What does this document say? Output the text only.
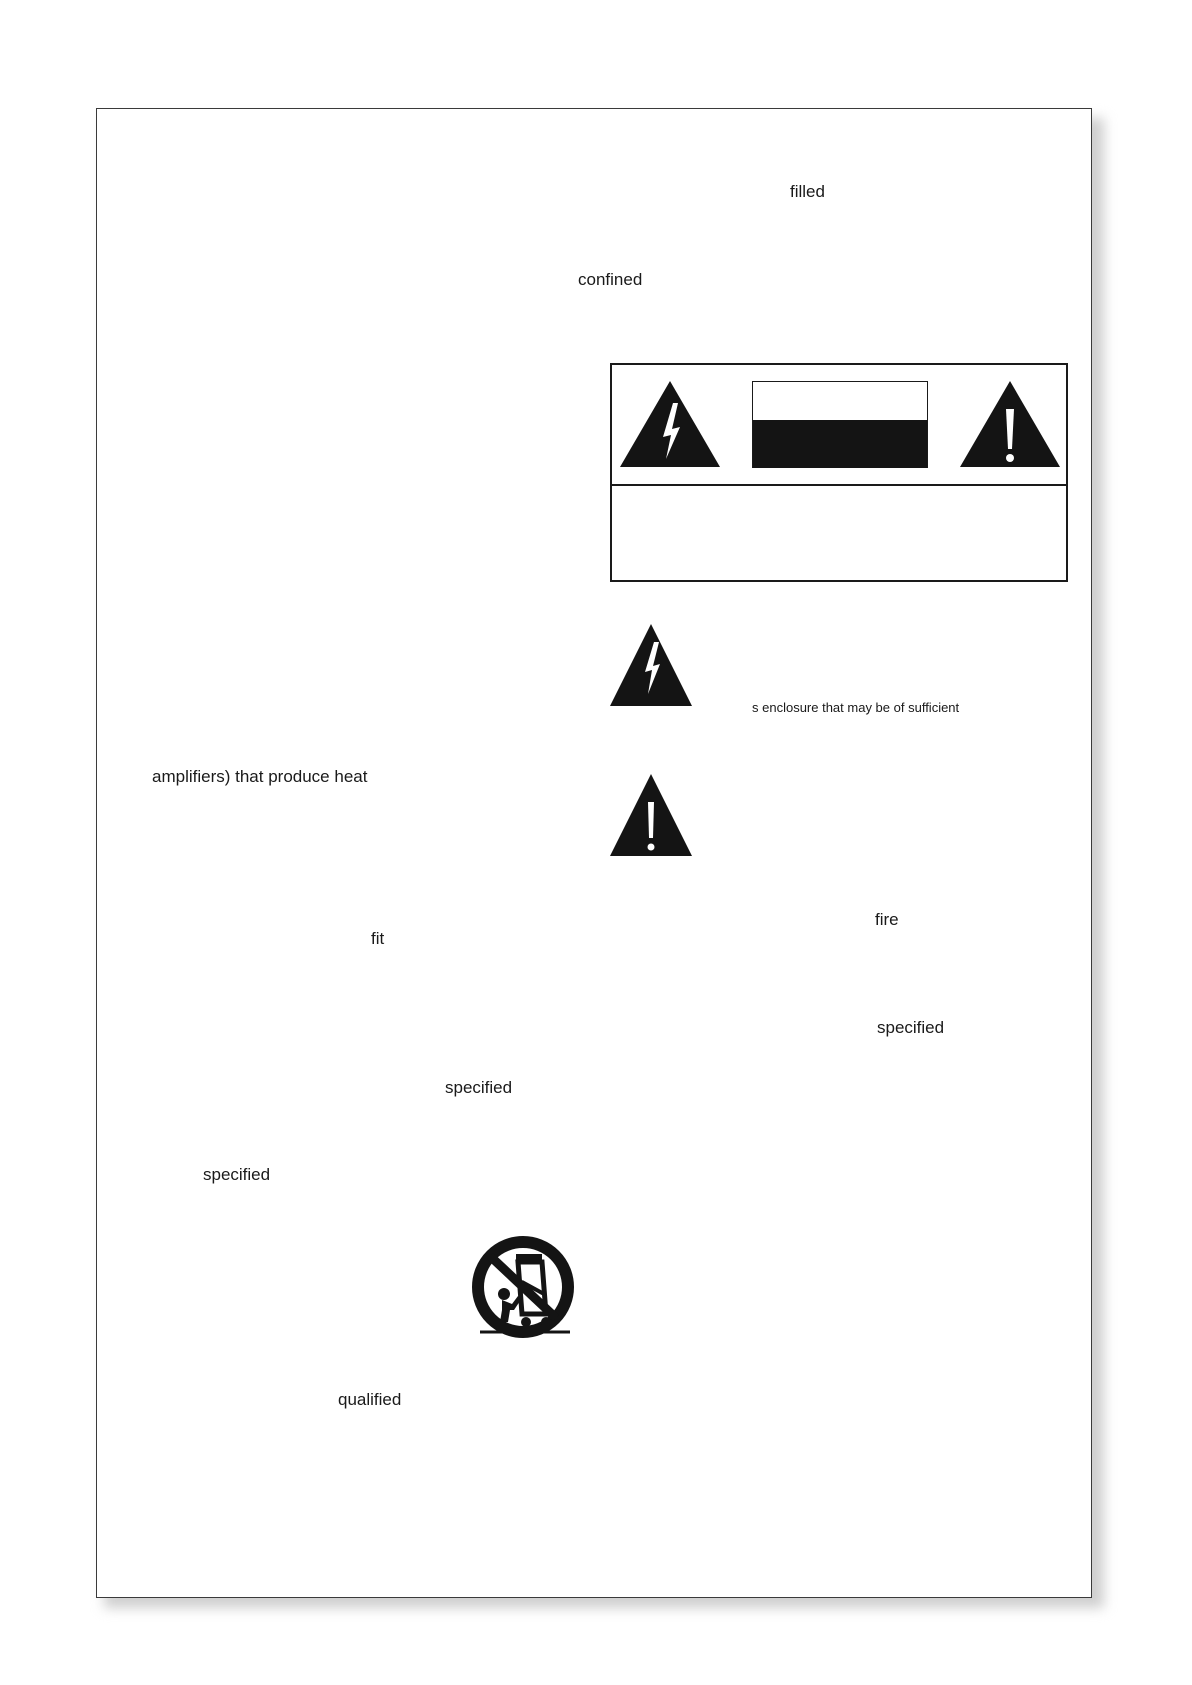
filled
confined
s enclosure that may be of sufficient
amplifiers) that produce heat
fire
fit
specified
specified
specified
qualified
